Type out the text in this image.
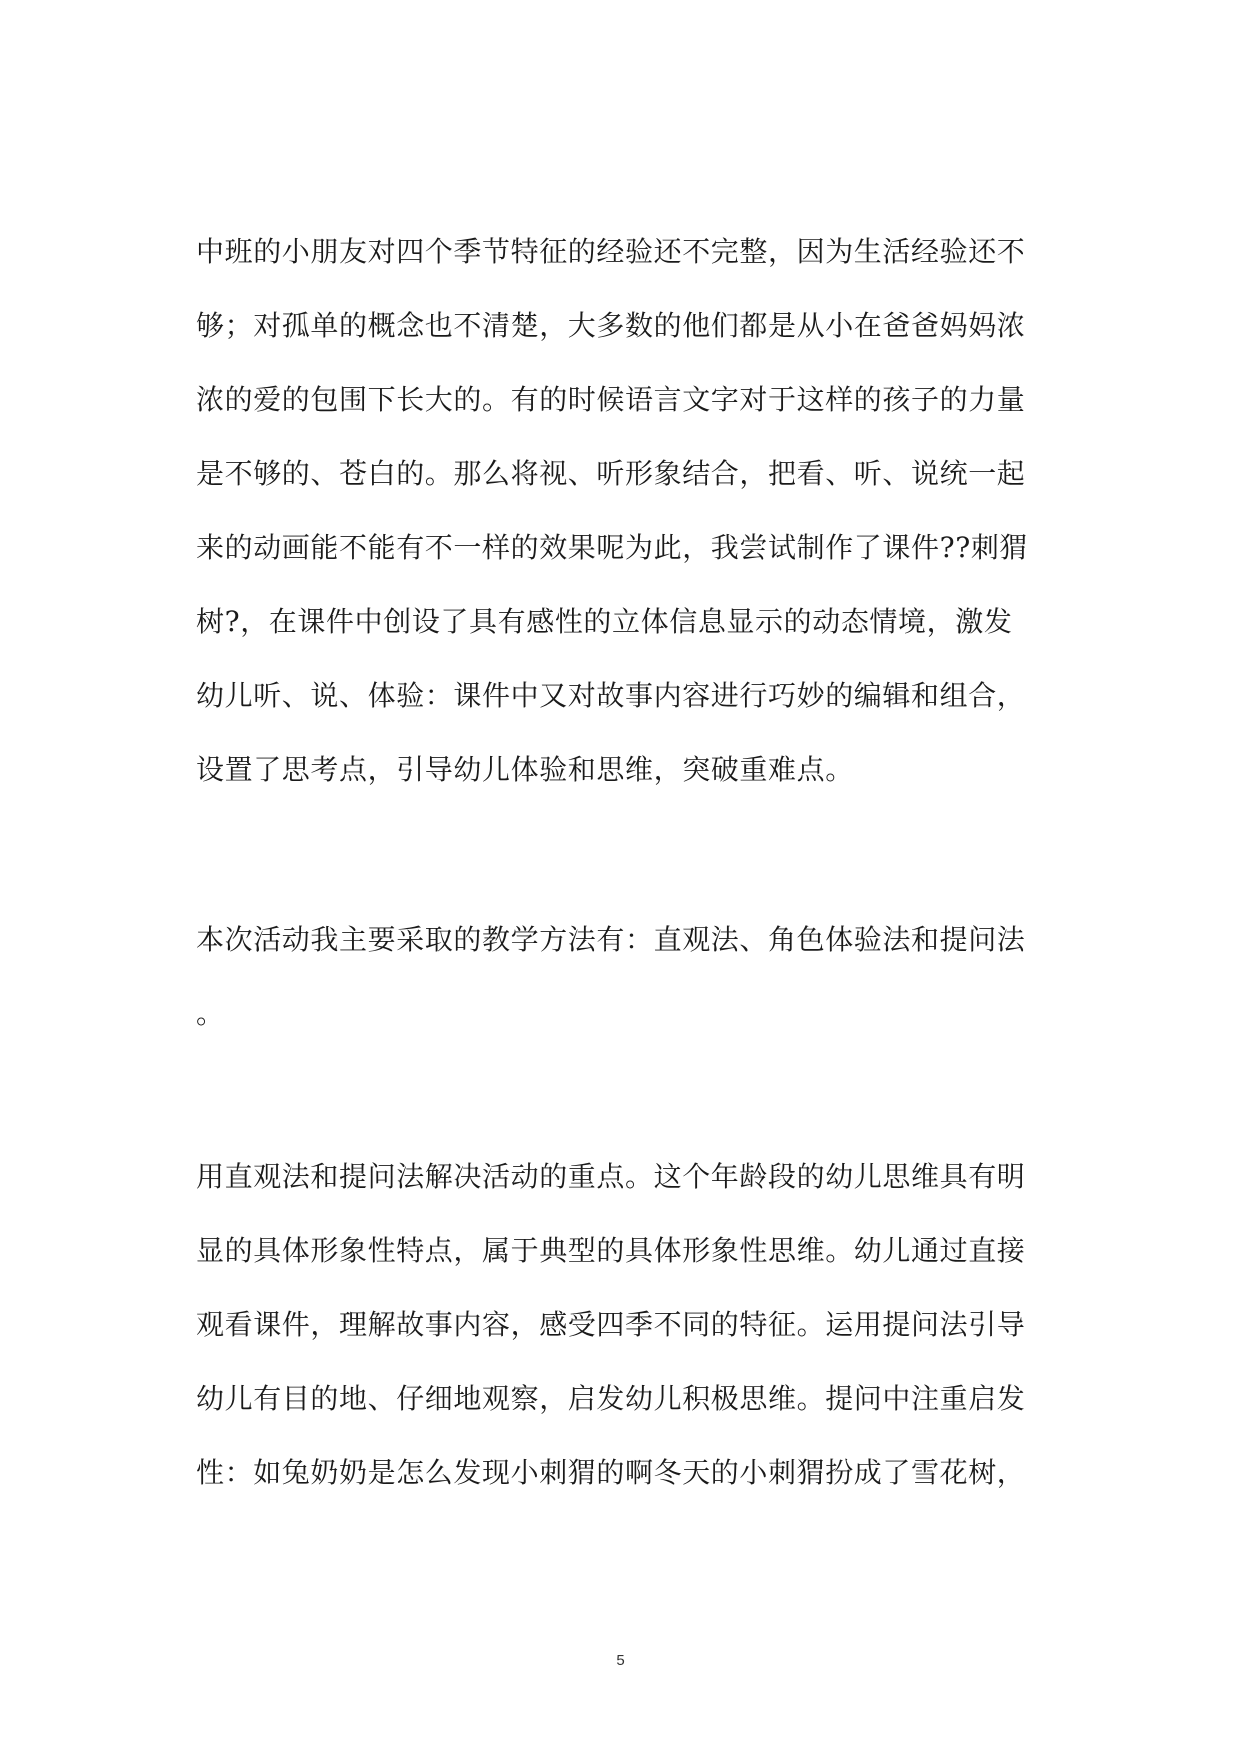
中班的小朋友对四个季节特征的经验还不完整，因为生活经验还不
够；对孤单的概念也不清楚，大多数的他们都是从小在爸爸妈妈浓
浓的爱的包围下长大的。有的时候语言文字对于这样的孩子的力量
是不够的、苍白的。那么将视、听形象结合，把看、听、说统一起
来的动画能不能有不一样的效果呢为此，我尝试制作了课件??刺猬
树?，在课件中创设了具有感性的立体信息显示的动态情境，激发
幼儿听、说、体验：课件中又对故事内容进行巧妙的编辑和组合，
设置了思考点，引导幼儿体验和思维，突破重难点。
本次活动我主要采取的教学方法有：直观法、角色体验法和提问法
。
用直观法和提问法解决活动的重点。这个年龄段的幼儿思维具有明
显的具体形象性特点，属于典型的具体形象性思维。幼儿通过直接
观看课件，理解故事内容，感受四季不同的特征。运用提问法引导
幼儿有目的地、仔细地观察，启发幼儿积极思维。提问中注重启发
性：如兔奶奶是怎么发现小刺猬的啊冬天的小刺猬扮成了雪花树，
5
